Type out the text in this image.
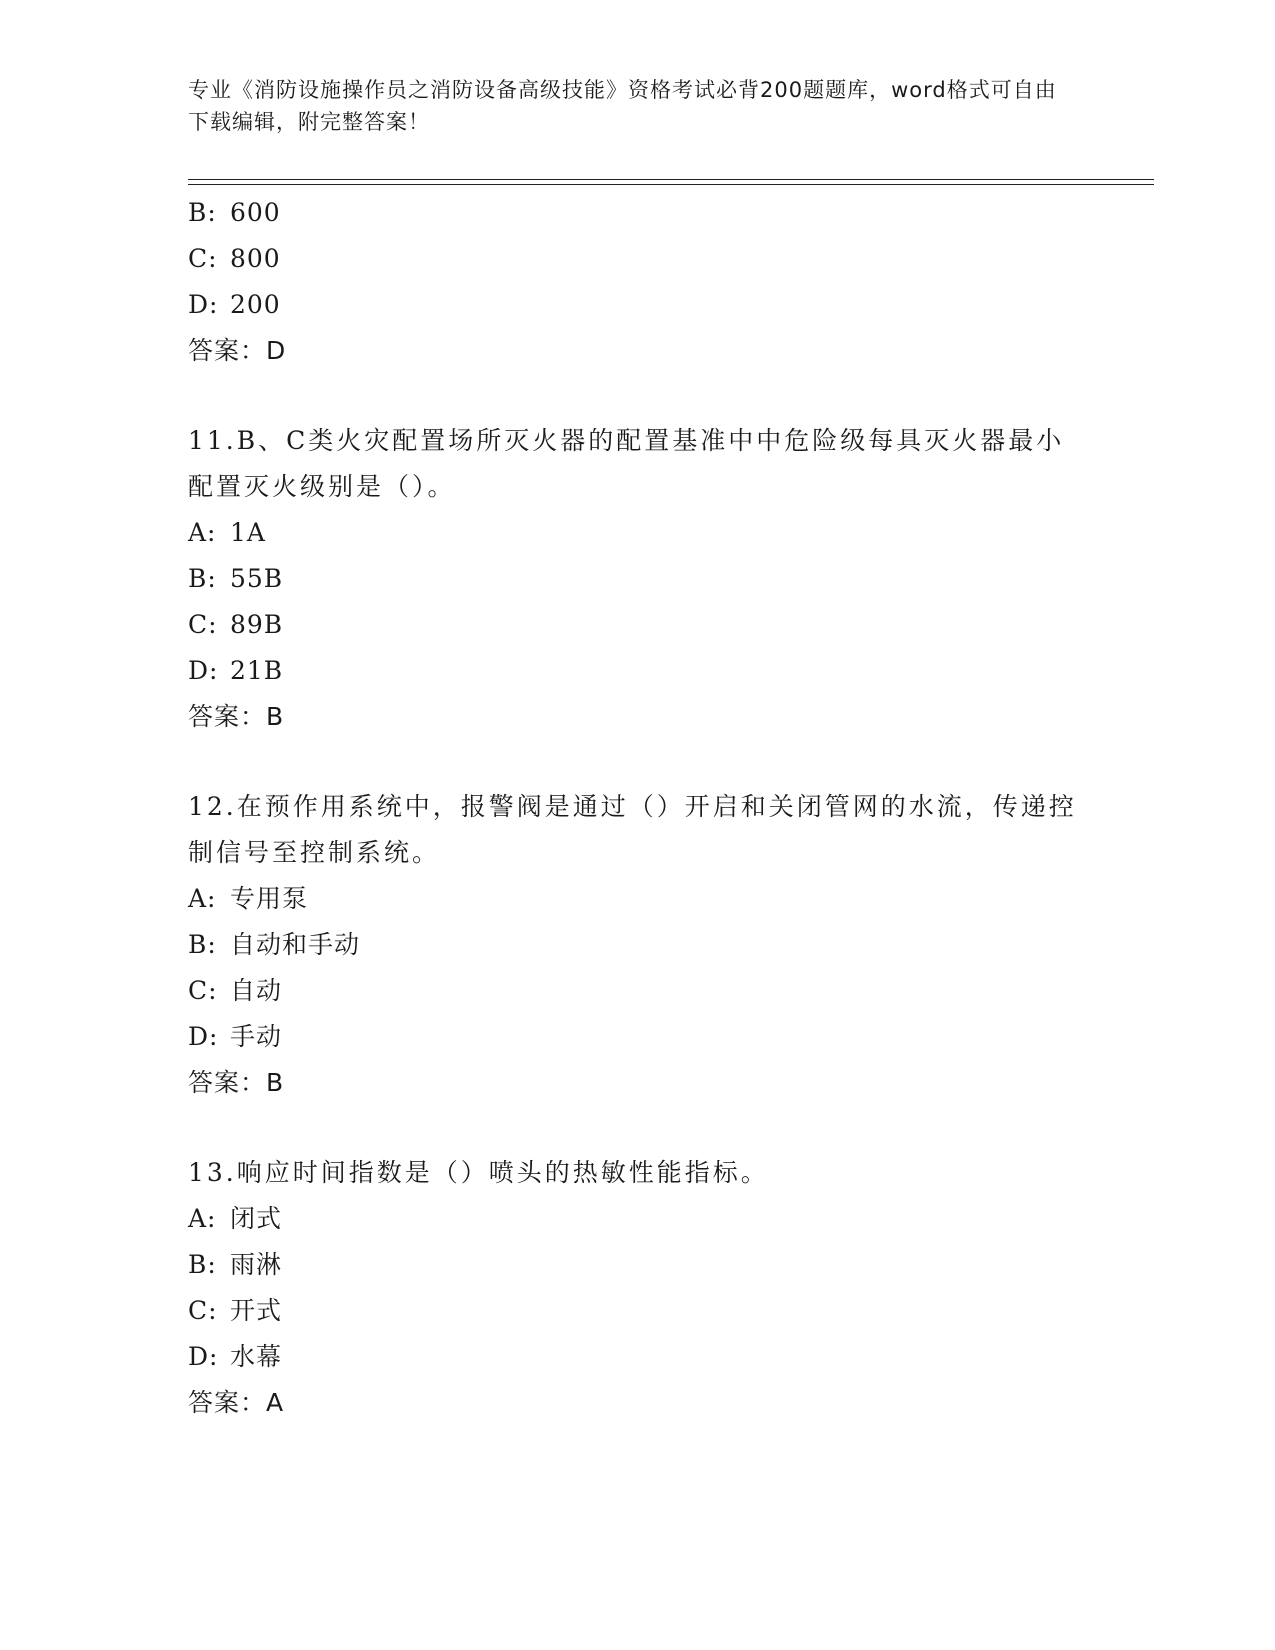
专业《消防设施操作员之消防设备高级技能》资格考试必背200题题库，word格式可自由下载编辑，附完整答案！
B: 600
C: 800
D: 200
答案：D
11.B、C类火灾配置场所灭火器的配置基准中中危险级每具灭火器最小配置灭火级别是（）。
A: 1A
B: 55B
C: 89B
D: 21B
答案：B
12.在预作用系统中，报警阀是通过（）开启和关闭管网的水流，传递控制信号至控制系统。
A: 专用泵
B: 自动和手动
C: 自动
D: 手动
答案：B
13.响应时间指数是（）喷头的热敏性能指标。
A: 闭式
B: 雨淋
C: 开式
D: 水幕
答案：A
